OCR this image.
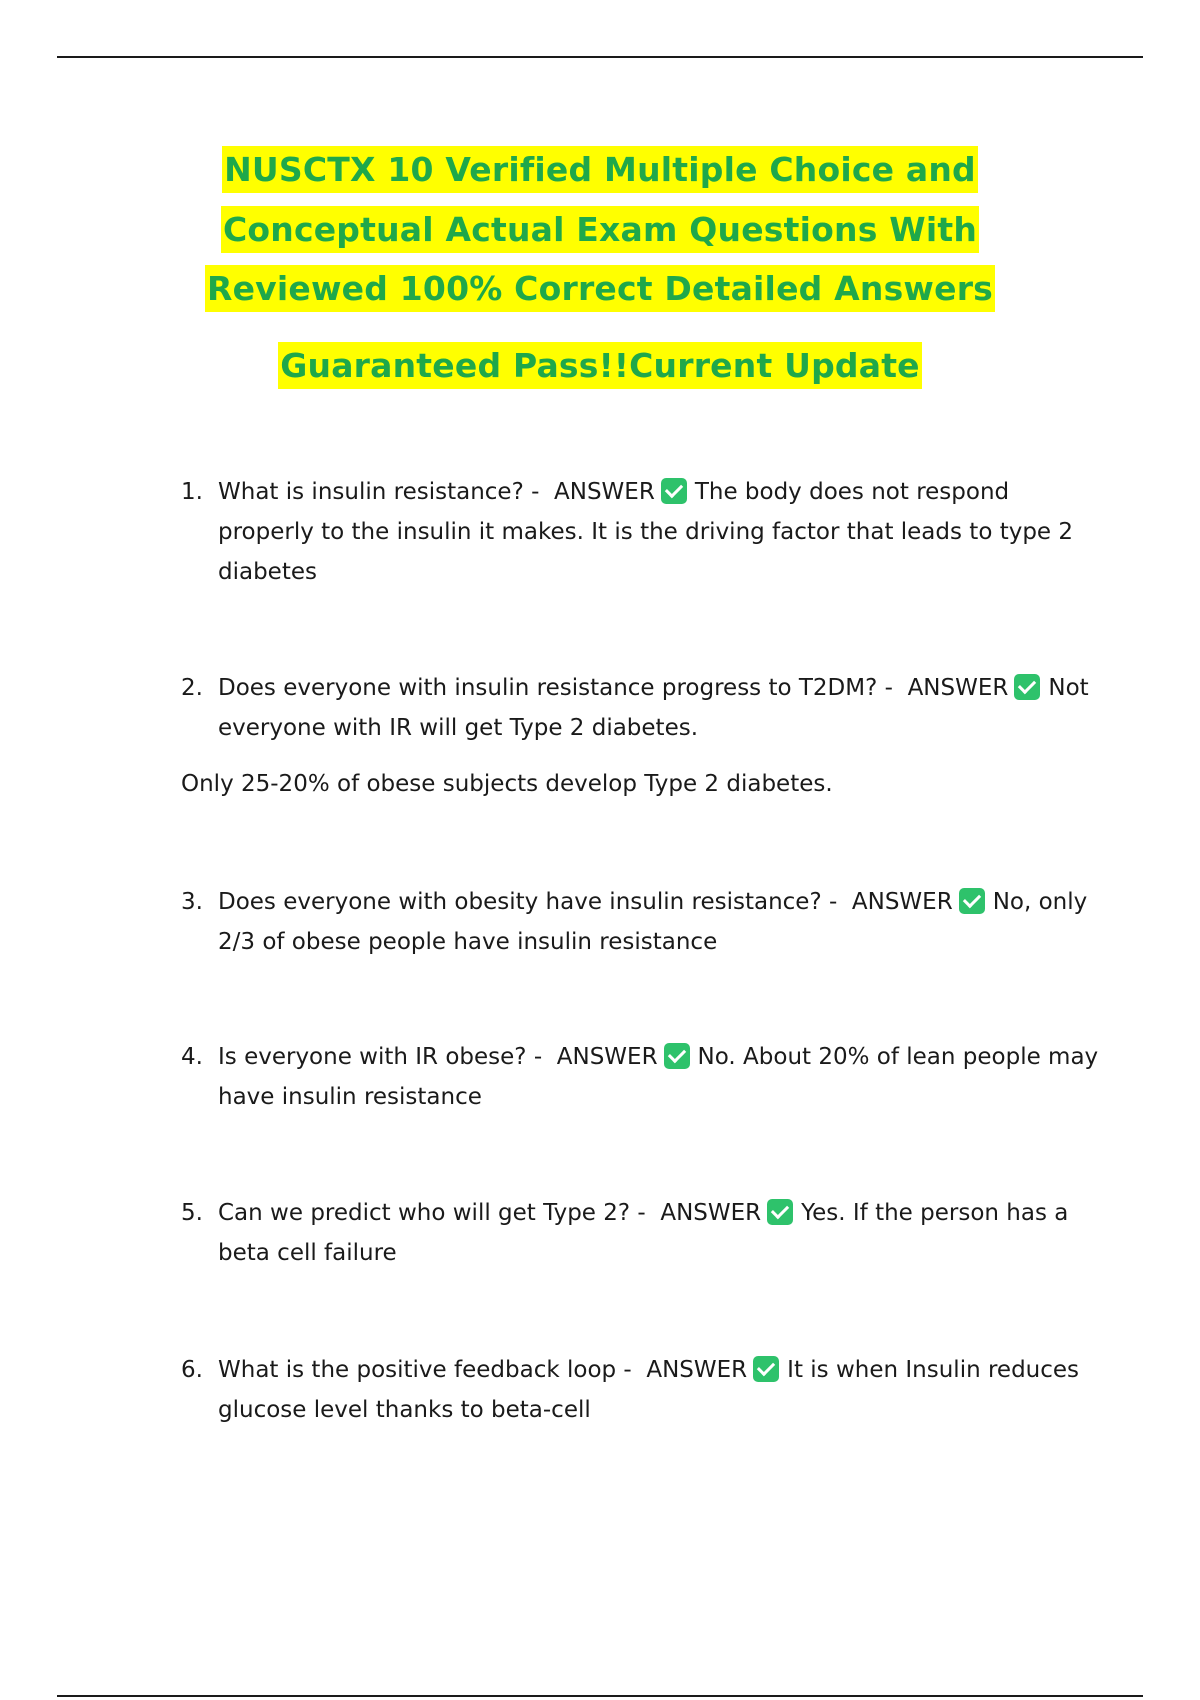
NUSCTX 10 Verified Multiple Choice and
Conceptual Actual Exam Questions With
Reviewed 100% Correct Detailed Answers
Guaranteed Pass!!Current Update
1. What is insulin resistance? - ANSWER The body does not respond properly to the insulin it makes. It is the driving factor that leads to type 2 diabetes
2. Does everyone with insulin resistance progress to T2DM? - ANSWER Not everyone with IR will get Type 2 diabetes.
Only 25-20% of obese subjects develop Type 2 diabetes.
3. Does everyone with obesity have insulin resistance? - ANSWER No, only 2/3 of obese people have insulin resistance
4. Is everyone with IR obese? - ANSWER No. About 20% of lean people may have insulin resistance
5. Can we predict who will get Type 2? - ANSWER Yes. If the person has a beta cell failure
6. What is the positive feedback loop - ANSWER It is when Insulin reduces glucose level thanks to beta-cell
